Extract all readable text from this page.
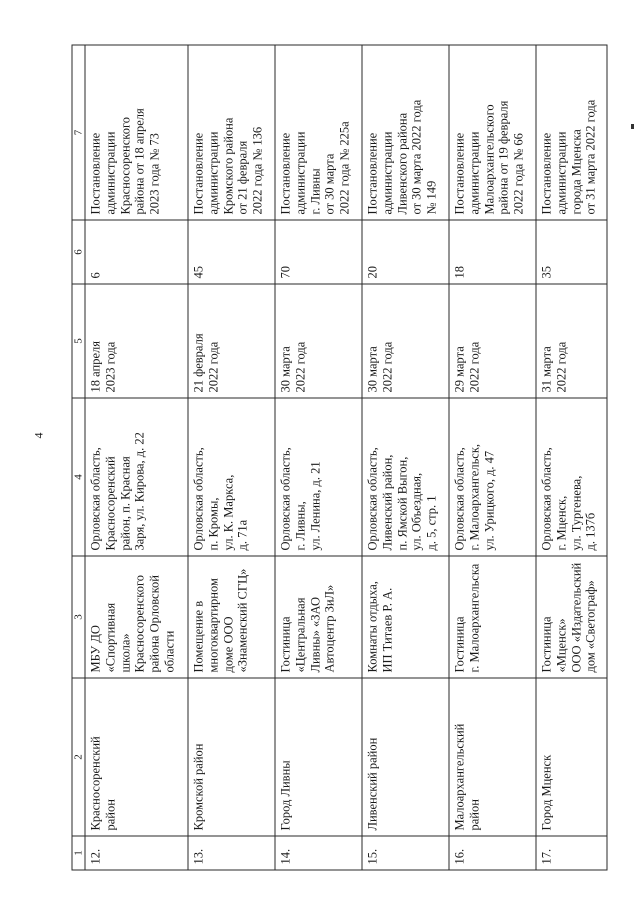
4
1	2	3	4	5	6	7
12.	Красносоренский
район	МБУ ДО
«Спортивная школа»
Красносоренского
района Орловской
области	Орловская область,
Красносоренский
район, п. Красная
Заря, ул. Кирова, д. 22	18 апреля
2023 года	6	Постановление
администрации
Красносоренского
района от 18 апреля
2023 года № 73
13.	Кромской район	Помещение в
многоквартирном
доме ООО
«Знаменский СГЦ»	Орловская область,
п. Кромы,
ул. К. Маркса,
д. 71а	21 февраля
2022 года	45	Постановление
администрации
Кромского района
от 21 февраля
2022 года № 136
14.	Город Ливны	Гостиница
«Центральная
Ливны» «ЗАО
Автоцентр ЗиЛ»	Орловская область,
г. Ливны,
ул. Ленина, д. 21	30 марта
2022 года	70	Постановление
администрации
г. Ливны
от 30 марта
2022 года № 225а
15.	Ливенский район	Комнаты отдыха,
ИП Титаев Р. А.	Орловская область,
Ливенский район,
п. Ямской Выгон,
ул. Объездная,
д. 5, стр. 1	30 марта
2022 года	20	Постановление
администрации
Ливенского района
от 30 марта 2022 года
№ 149
16.	Малоархангельский
район	Гостиница
г. Малоархангельска	Орловская область,
г. Малоархангельск,
ул. Урицкого, д. 47	29 марта
2022 года	18	Постановление
администрации
Малоархангельского
района от 19 февраля
2022 года № 66
17.	Город Мценск	Гостиница «Мценск»
ООО «Издательский
дом «Светограф»	Орловская область,
г. Мценск,
ул. Тургенева,
д. 137б	31 марта
2022 года	35	Постановление
администрации
города Мценска
от 31 марта 2022 года
